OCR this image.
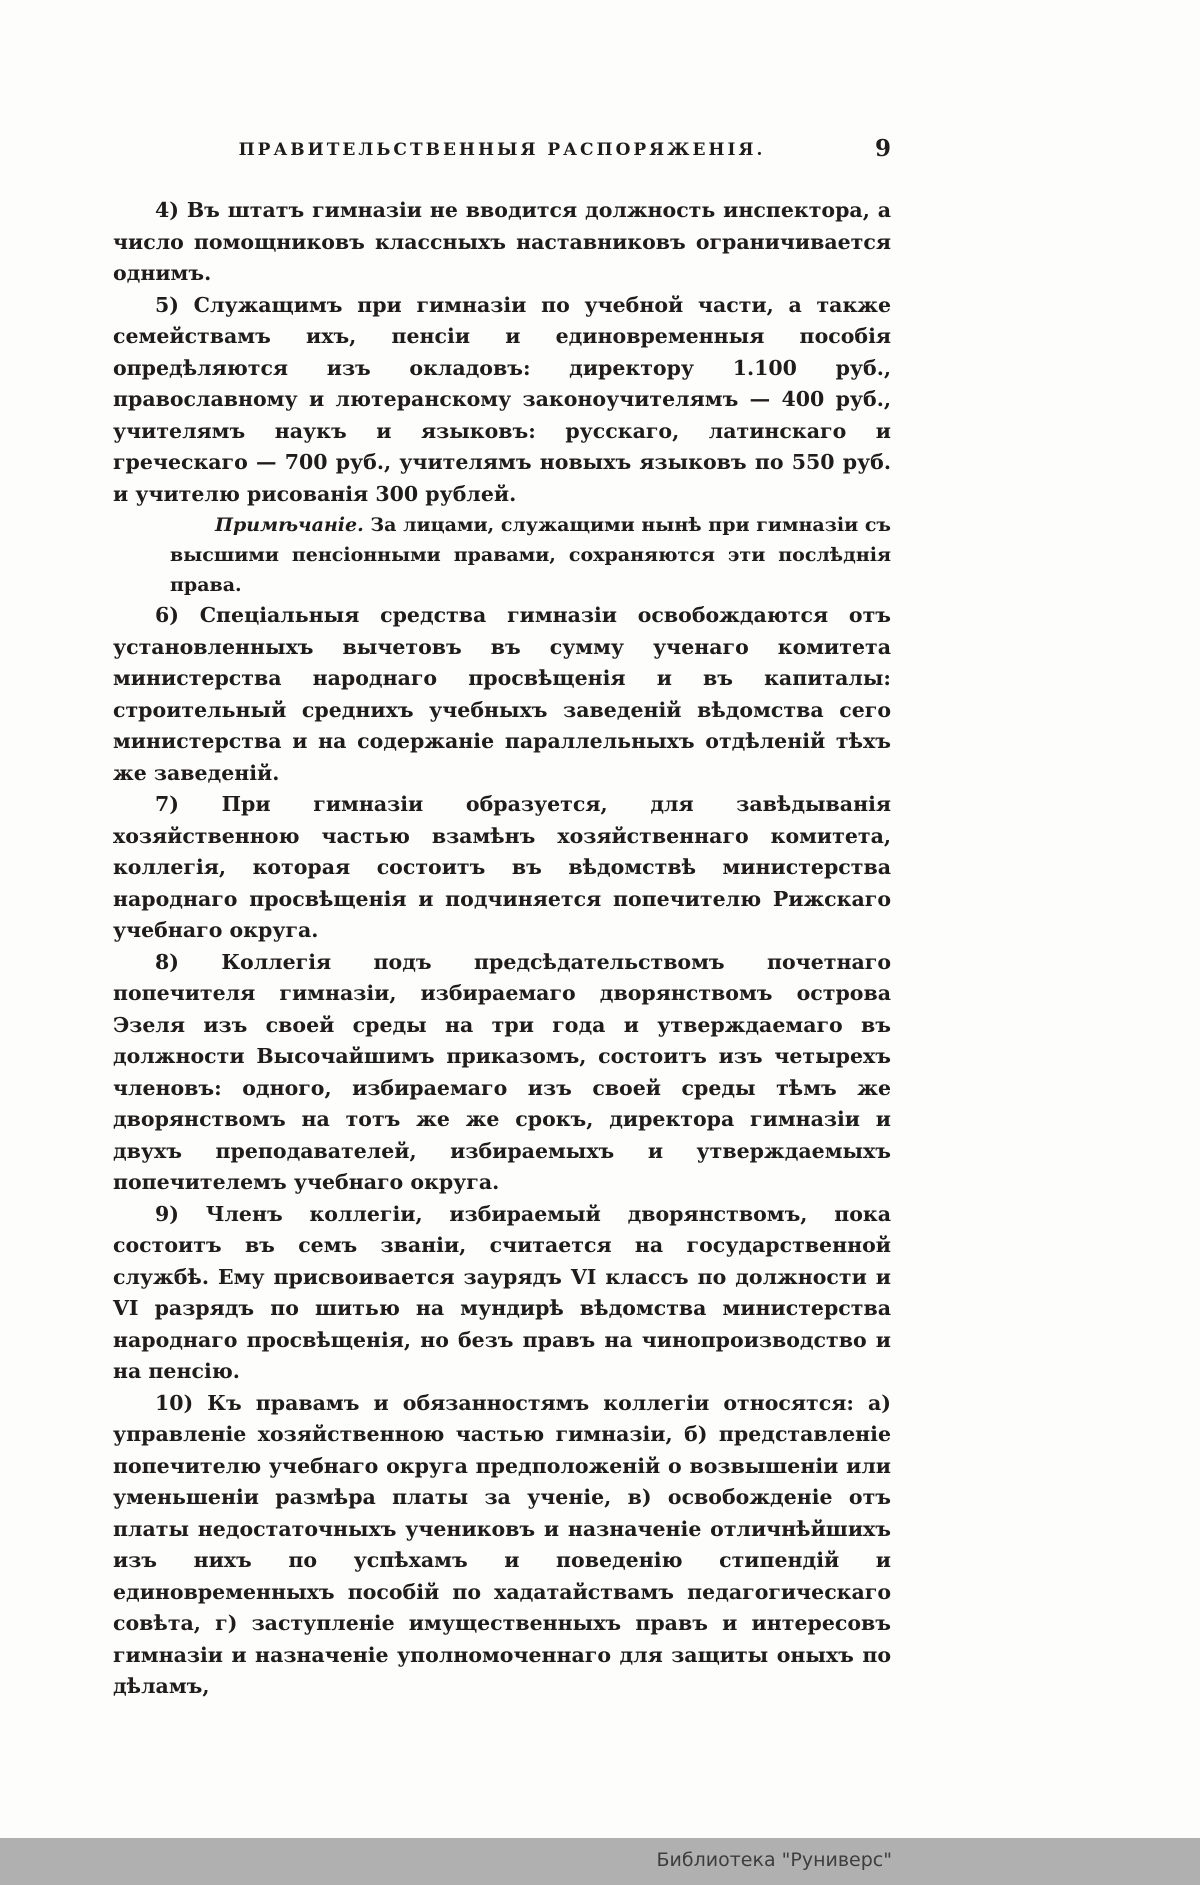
ПРАВИТЕЛЬСТВЕННЫЯ РАСПОРЯЖЕНІЯ.	9

4) Въ штатъ гимназіи не вводится должность инспектора, а число помощниковъ классныхъ наставниковъ ограничивается однимъ.

5) Служащимъ при гимназіи по учебной части, а также семействамъ ихъ, пенсіи и единовременныя пособія опредѣляются изъ окладовъ: директору 1.100 руб., православному и лютеранскому законоучителямъ — 400 руб., учителямъ наукъ и языковъ: русскаго, латинскаго и греческаго — 700 руб., учителямъ новыхъ языковъ по 550 руб. и учителю рисованія 300 рублей.

Примѣчаніе. За лицами, служащими нынѣ при гимназіи съ высшими пенсіонными правами, сохраняются эти послѣднія права.

6) Спеціальныя средства гимназіи освобождаются отъ установленныхъ вычетовъ въ сумму ученаго комитета министерства народнаго просвѣщенія и въ капиталы: строительный среднихъ учебныхъ заведеній вѣдомства сего министерства и на содержаніе параллельныхъ отдѣленій тѣхъ же заведеній.

7) При гимназіи образуется, для завѣдыванія хозяйственною частью взамѣнъ хозяйственнаго комитета, коллегія, которая состоитъ въ вѣдомствѣ министерства народнаго просвѣщенія и подчиняется попечителю Рижскаго учебнаго округа.

8) Коллегія подъ предсѣдательствомъ почетнаго попечителя гимназіи, избираемаго дворянствомъ острова Эзеля изъ своей среды на три года и утверждаемаго въ должности Высочайшимъ приказомъ, состоитъ изъ четырехъ членовъ: одного, избираемаго изъ своей среды тѣмъ же дворянствомъ на тотъ же же срокъ, директора гимназіи и двухъ преподавателей, избираемыхъ и утверждаемыхъ попечителемъ учебнаго округа.

9) Членъ коллегіи, избираемый дворянствомъ, пока состоитъ въ семъ званіи, считается на государственной службѣ. Ему присвоивается заурядъ VI классъ по должности и VI разрядъ по шитью на мундирѣ вѣдомства министерства народнаго просвѣщенія, но безъ правъ на чинопроизводство и на пенсію.

10) Къ правамъ и обязанностямъ коллегіи относятся: а) управленіе хозяйственною частью гимназіи, б) представленіе попечителю учебнаго округа предположеній о возвышеніи или уменьшеніи размѣра платы за ученіе, в) освобожденіе отъ платы недостаточныхъ учениковъ и назначеніе отличнѣйшихъ изъ нихъ по успѣхамъ и поведенію стипендій и единовременныхъ пособій по хадатайствамъ педагогическаго совѣта, г) заступленіе имущественныхъ правъ и интересовъ гимназіи и назначеніе уполномоченнаго для защиты оныхъ по дѣламъ,

Библиотека "Руниверс"
